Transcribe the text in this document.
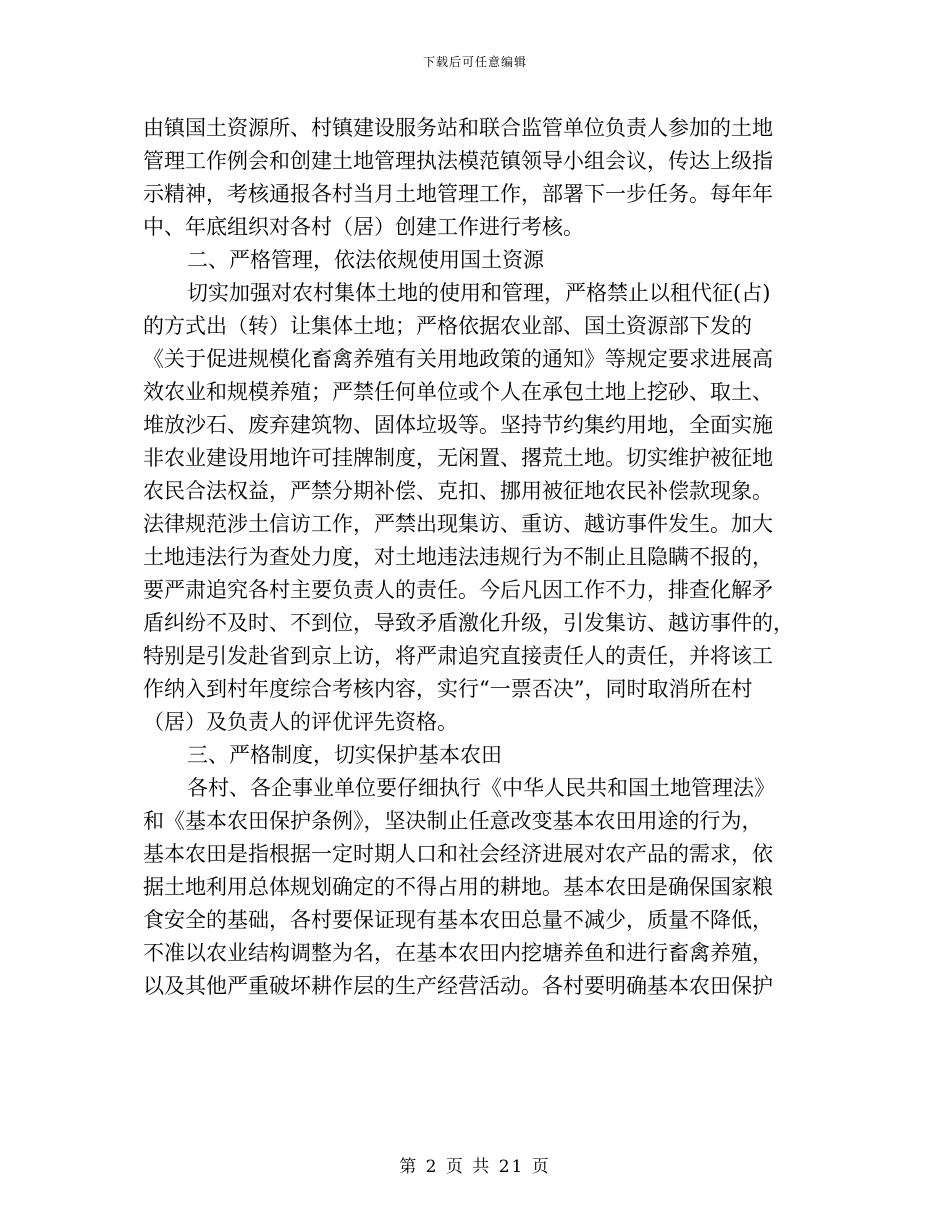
下载后可任意编辑
由镇国土资源所、村镇建设服务站和联合监管单位负责人参加的土地
管理工作例会和创建土地管理执法模范镇领导小组会议，传达上级指
示精神，考核通报各村当月土地管理工作，部署下一步任务。每年年
中、年底组织对各村（居）创建工作进行考核。
二、严格管理，依法依规使用国土资源
切实加强对农村集体土地的使用和管理，严格禁止以租代征(占)
的方式出（转）让集体土地；严格依据农业部、国土资源部下发的
《关于促进规模化畜禽养殖有关用地政策的通知》等规定要求进展高
效农业和规模养殖；严禁任何单位或个人在承包土地上挖砂、取土、
堆放沙石、废弃建筑物、固体垃圾等。坚持节约集约用地，全面实施
非农业建设用地许可挂牌制度，无闲置、撂荒土地。切实维护被征地
农民合法权益，严禁分期补偿、克扣、挪用被征地农民补偿款现象。
法律规范涉土信访工作，严禁出现集访、重访、越访事件发生。加大
土地违法行为查处力度，对土地违法违规行为不制止且隐瞒不报的，
要严肃追究各村主要负责人的责任。今后凡因工作不力，排查化解矛
盾纠纷不及时、不到位，导致矛盾激化升级，引发集访、越访事件的，
特别是引发赴省到京上访，将严肃追究直接责任人的责任，并将该工
作纳入到村年度综合考核内容，实行“一票否决”，同时取消所在村
（居）及负责人的评优评先资格。
三、严格制度，切实保护基本农田
各村、各企事业单位要仔细执行《中华人民共和国土地管理法》
和《基本农田保护条例》，坚决制止任意改变基本农田用途的行为，
基本农田是指根据一定时期人口和社会经济进展对农产品的需求，依
据土地利用总体规划确定的不得占用的耕地。基本农田是确保国家粮
食安全的基础，各村要保证现有基本农田总量不减少，质量不降低，
不准以农业结构调整为名，在基本农田内挖塘养鱼和进行畜禽养殖，
以及其他严重破坏耕作层的生产经营活动。各村要明确基本农田保护
第 2 页 共 21 页
